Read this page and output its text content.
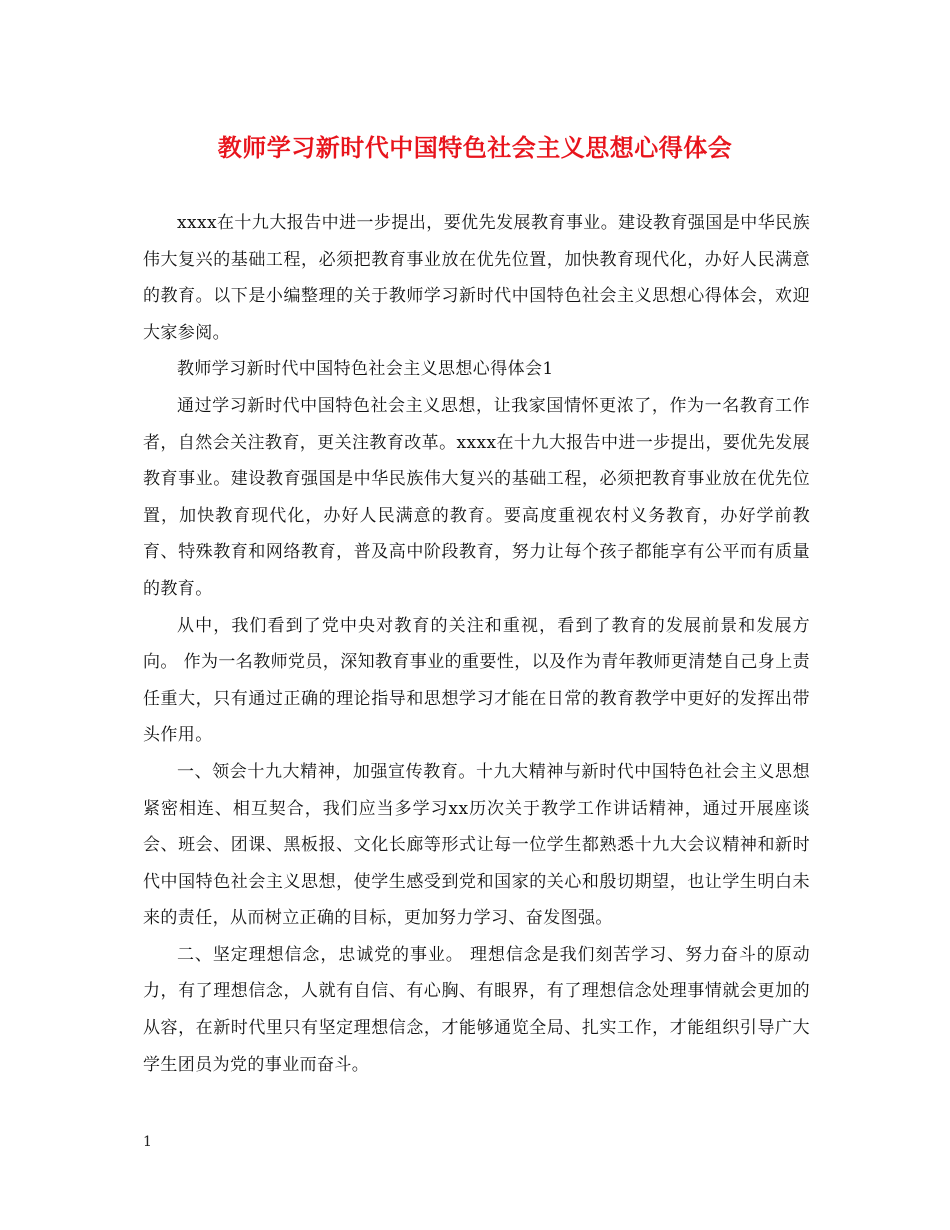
教师学习新时代中国特色社会主义思想心得体会

xxxx在十九大报告中进一步提出，要优先发展教育事业。建设教育强国是中华民族伟大复兴的基础工程，必须把教育事业放在优先位置，加快教育现代化，办好人民满意的教育。以下是小编整理的关于教师学习新时代中国特色社会主义思想心得体会，欢迎大家参阅。

教师学习新时代中国特色社会主义思想心得体会1

通过学习新时代中国特色社会主义思想，让我家国情怀更浓了，作为一名教育工作者，自然会关注教育，更关注教育改革。xxxx在十九大报告中进一步提出，要优先发展教育事业。建设教育强国是中华民族伟大复兴的基础工程，必须把教育事业放在优先位置，加快教育现代化，办好人民满意的教育。要高度重视农村义务教育，办好学前教育、特殊教育和网络教育，普及高中阶段教育，努力让每个孩子都能享有公平而有质量的教育。

从中，我们看到了党中央对教育的关注和重视，看到了教育的发展前景和发展方向。 作为一名教师党员，深知教育事业的重要性，以及作为青年教师更清楚自己身上责任重大，只有通过正确的理论指导和思想学习才能在日常的教育教学中更好的发挥出带头作用。

一、领会十九大精神，加强宣传教育。十九大精神与新时代中国特色社会主义思想紧密相连、相互契合，我们应当多学习xx历次关于教学工作讲话精神，通过开展座谈会、班会、团课、黑板报、文化长廊等形式让每一位学生都熟悉十九大会议精神和新时代中国特色社会主义思想，使学生感受到党和国家的关心和殷切期望，也让学生明白未来的责任，从而树立正确的目标，更加努力学习、奋发图强。

二、坚定理想信念，忠诚党的事业。 理想信念是我们刻苦学习、努力奋斗的原动力，有了理想信念，人就有自信、有心胸、有眼界，有了理想信念处理事情就会更加的从容，在新时代里只有坚定理想信念，才能够通览全局、扎实工作，才能组织引导广大学生团员为党的事业而奋斗。

1
